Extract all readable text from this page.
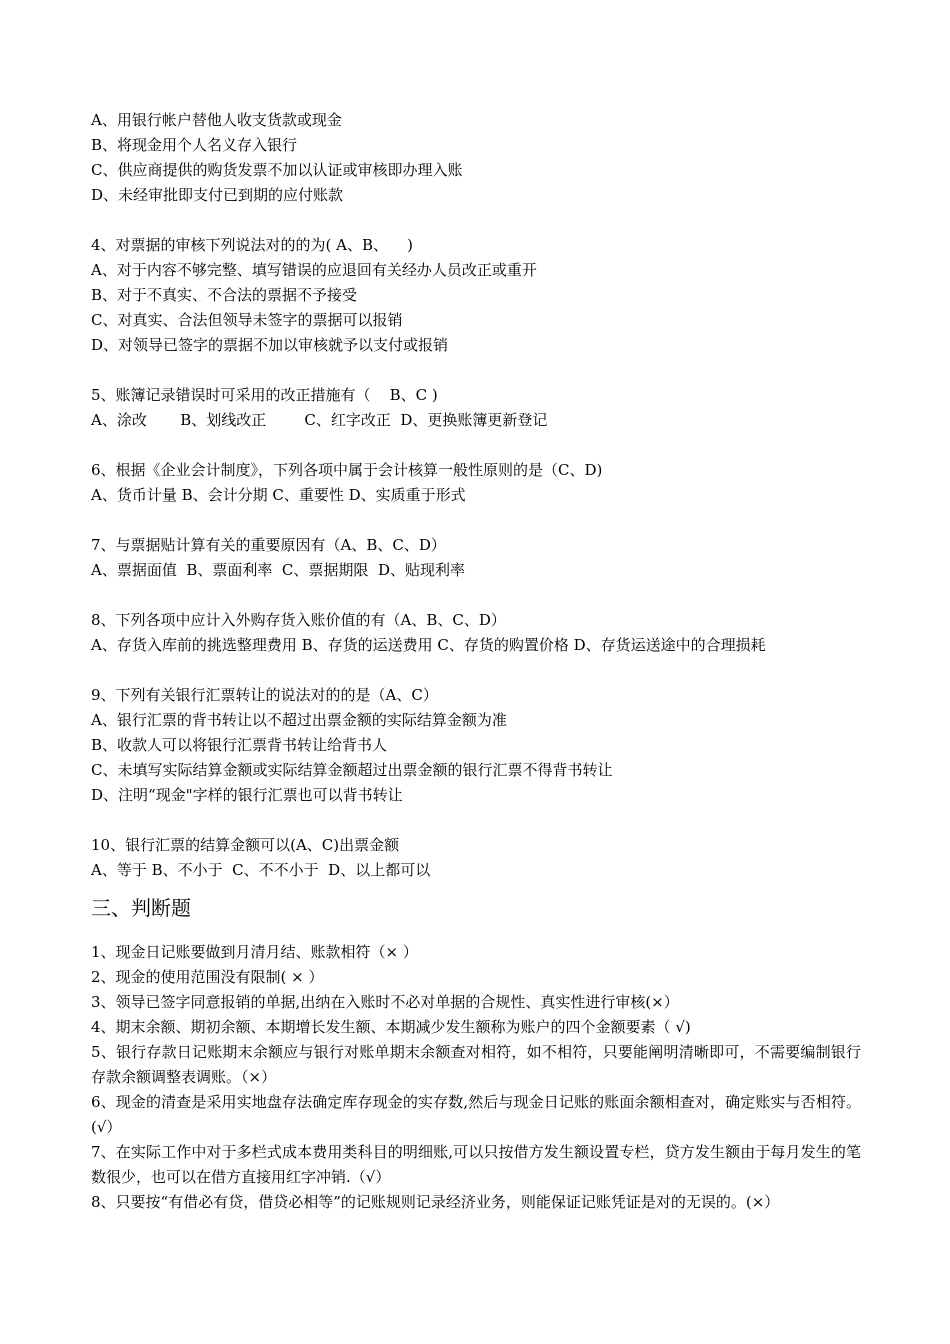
A、用银行帐户替他人收支货款或现金
B、将现金用个人名义存入银行
C、供应商提供的购货发票不加以认证或审核即办理入账
D、未经审批即支付已到期的应付账款
4、对票据的审核下列说法对的的为( A、B、    )
A、对于内容不够完整、填写错误的应退回有关经办人员改正或重开
B、对于不真实、不合法的票据不予接受
C、对真实、合法但领导未签字的票据可以报销
D、对领导已签字的票据不加以审核就予以支付或报销
5、账簿记录错误时可采用的改正措施有（    B、C )
A、涂改       B、划线改正        C、红字改正  D、更换账簿更新登记
6、根据《企业会计制度》，下列各项中属于会计核算一般性原则的是（C、D)
A、货币计量 B、会计分期 C、重要性 D、实质重于形式
7、与票据贴计算有关的重要原因有（A、B、C、D）
A、票据面值  B、票面利率  C、票据期限  D、贴现利率
8、下列各项中应计入外购存货入账价值的有（A、B、C、D）
A、存货入库前的挑选整理费用 B、存货的运送费用 C、存货的购置价格 D、存货运送途中的合理损耗
9、下列有关银行汇票转让的说法对的的是（A、C）
A、银行汇票的背书转让以不超过出票金额的实际结算金额为准
B、收款人可以将银行汇票背书转让给背书人
C、未填写实际结算金额或实际结算金额超过出票金额的银行汇票不得背书转让
D、注明“现金"字样的银行汇票也可以背书转让
10、银行汇票的结算金额可以(A、C)出票金额
A、等于 B、不小于  C、不不小于  D、以上都可以
三、判断题
1、现金日记账要做到月清月结、账款相符（× ）
2、现金的使用范围没有限制( × ）
3、领导已签字同意报销的单据,出纳在入账时不必对单据的合规性、真实性进行审核(×）
4、期末余额、期初余额、本期增长发生额、本期减少发生额称为账户的四个金额要素（ √)
5、银行存款日记账期末余额应与银行对账单期末余额查对相符，如不相符，只要能阐明清晰即可，不需要编制银行存款余额调整表调账。（×）
6、现金的清查是采用实地盘存法确定库存现金的实存数,然后与现金日记账的账面余额相查对，确定账实与否相符。(√）
7、在实际工作中对于多栏式成本费用类科目的明细账,可以只按借方发生额设置专栏，贷方发生额由于每月发生的笔数很少，也可以在借方直接用红字冲销.（√）
8、只要按“有借必有贷，借贷必相等”的记账规则记录经济业务，则能保证记账凭证是对的无误的。(×）
